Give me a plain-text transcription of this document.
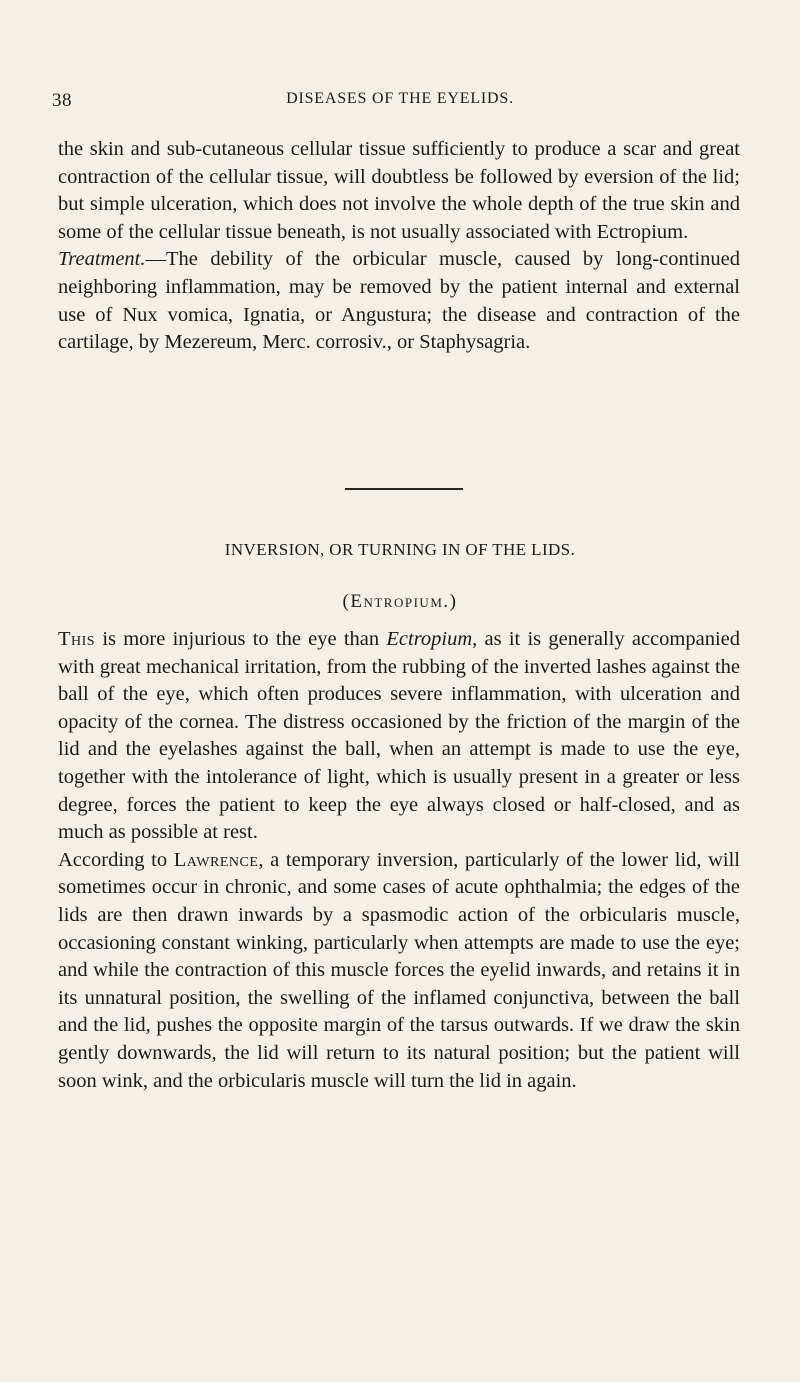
38	DISEASES OF THE EYELIDS.

the skin and sub-cutaneous cellular tissue sufficiently to produce a scar and great contraction of the cellular tissue, will doubtless be followed by eversion of the lid; but simple ulceration, which does not involve the whole depth of the true skin and some of the cellular tissue beneath, is not usually associated with Ectropium.

Treatment.—The debility of the orbicular muscle, caused by long-continued neighboring inflammation, may be removed by the patient internal and external use of Nux vomica, Ignatia, or Angustura; the disease and contraction of the cartilage, by Mezereum, Merc. corrosiv., or Staphysagria.

INVERSION, OR TURNING IN OF THE LIDS.
(Entropium.)

This is more injurious to the eye than Ectropium, as it is generally accompanied with great mechanical irritation, from the rubbing of the inverted lashes against the ball of the eye, which often produces severe inflammation, with ulceration and opacity of the cornea. The distress occasioned by the friction of the margin of the lid and the eyelashes against the ball, when an attempt is made to use the eye, together with the intolerance of light, which is usually present in a greater or less degree, forces the patient to keep the eye always closed or half-closed, and as much as possible at rest.

According to Lawrence, a temporary inversion, particularly of the lower lid, will sometimes occur in chronic, and some cases of acute ophthalmia; the edges of the lids are then drawn inwards by a spasmodic action of the orbicularis muscle, occasioning constant winking, particularly when attempts are made to use the eye; and while the contraction of this muscle forces the eyelid inwards, and retains it in its unnatural position, the swelling of the inflamed conjunctiva, between the ball and the lid, pushes the opposite margin of the tarsus outwards. If we draw the skin gently downwards, the lid will return to its natural position; but the patient will soon wink, and the orbicularis muscle will turn the lid in again.
